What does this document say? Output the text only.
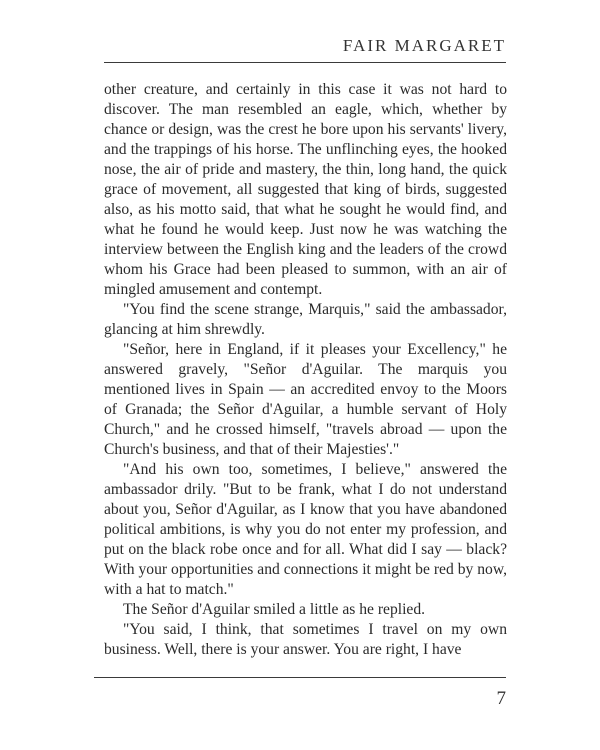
FAIR MARGARET

other creature, and certainly in this case it was not hard to discover. The man resembled an eagle, which, whether by chance or design, was the crest he bore upon his servants' livery, and the trappings of his horse. The unflinching eyes, the hooked nose, the air of pride and mastery, the thin, long hand, the quick grace of movement, all suggested that king of birds, suggested also, as his motto said, that what he sought he would find, and what he found he would keep. Just now he was watching the interview between the English king and the leaders of the crowd whom his Grace had been pleased to summon, with an air of mingled amusement and contempt.

"You find the scene strange, Marquis," said the ambassador, glancing at him shrewdly.

"Señor, here in England, if it pleases your Excellency," he answered gravely, "Señor d'Aguilar. The marquis you mentioned lives in Spain — an accredited envoy to the Moors of Granada; the Señor d'Aguilar, a humble servant of Holy Church," and he crossed himself, "travels abroad — upon the Church's business, and that of their Majesties'."

"And his own too, sometimes, I believe," answered the ambassador drily. "But to be frank, what I do not understand about you, Señor d'Aguilar, as I know that you have abandoned political ambitions, is why you do not enter my profession, and put on the black robe once and for all. What did I say — black? With your opportunities and connections it might be red by now, with a hat to match."

The Señor d'Aguilar smiled a little as he replied.

"You said, I think, that sometimes I travel on my own business. Well, there is your answer. You are right, I have

7
